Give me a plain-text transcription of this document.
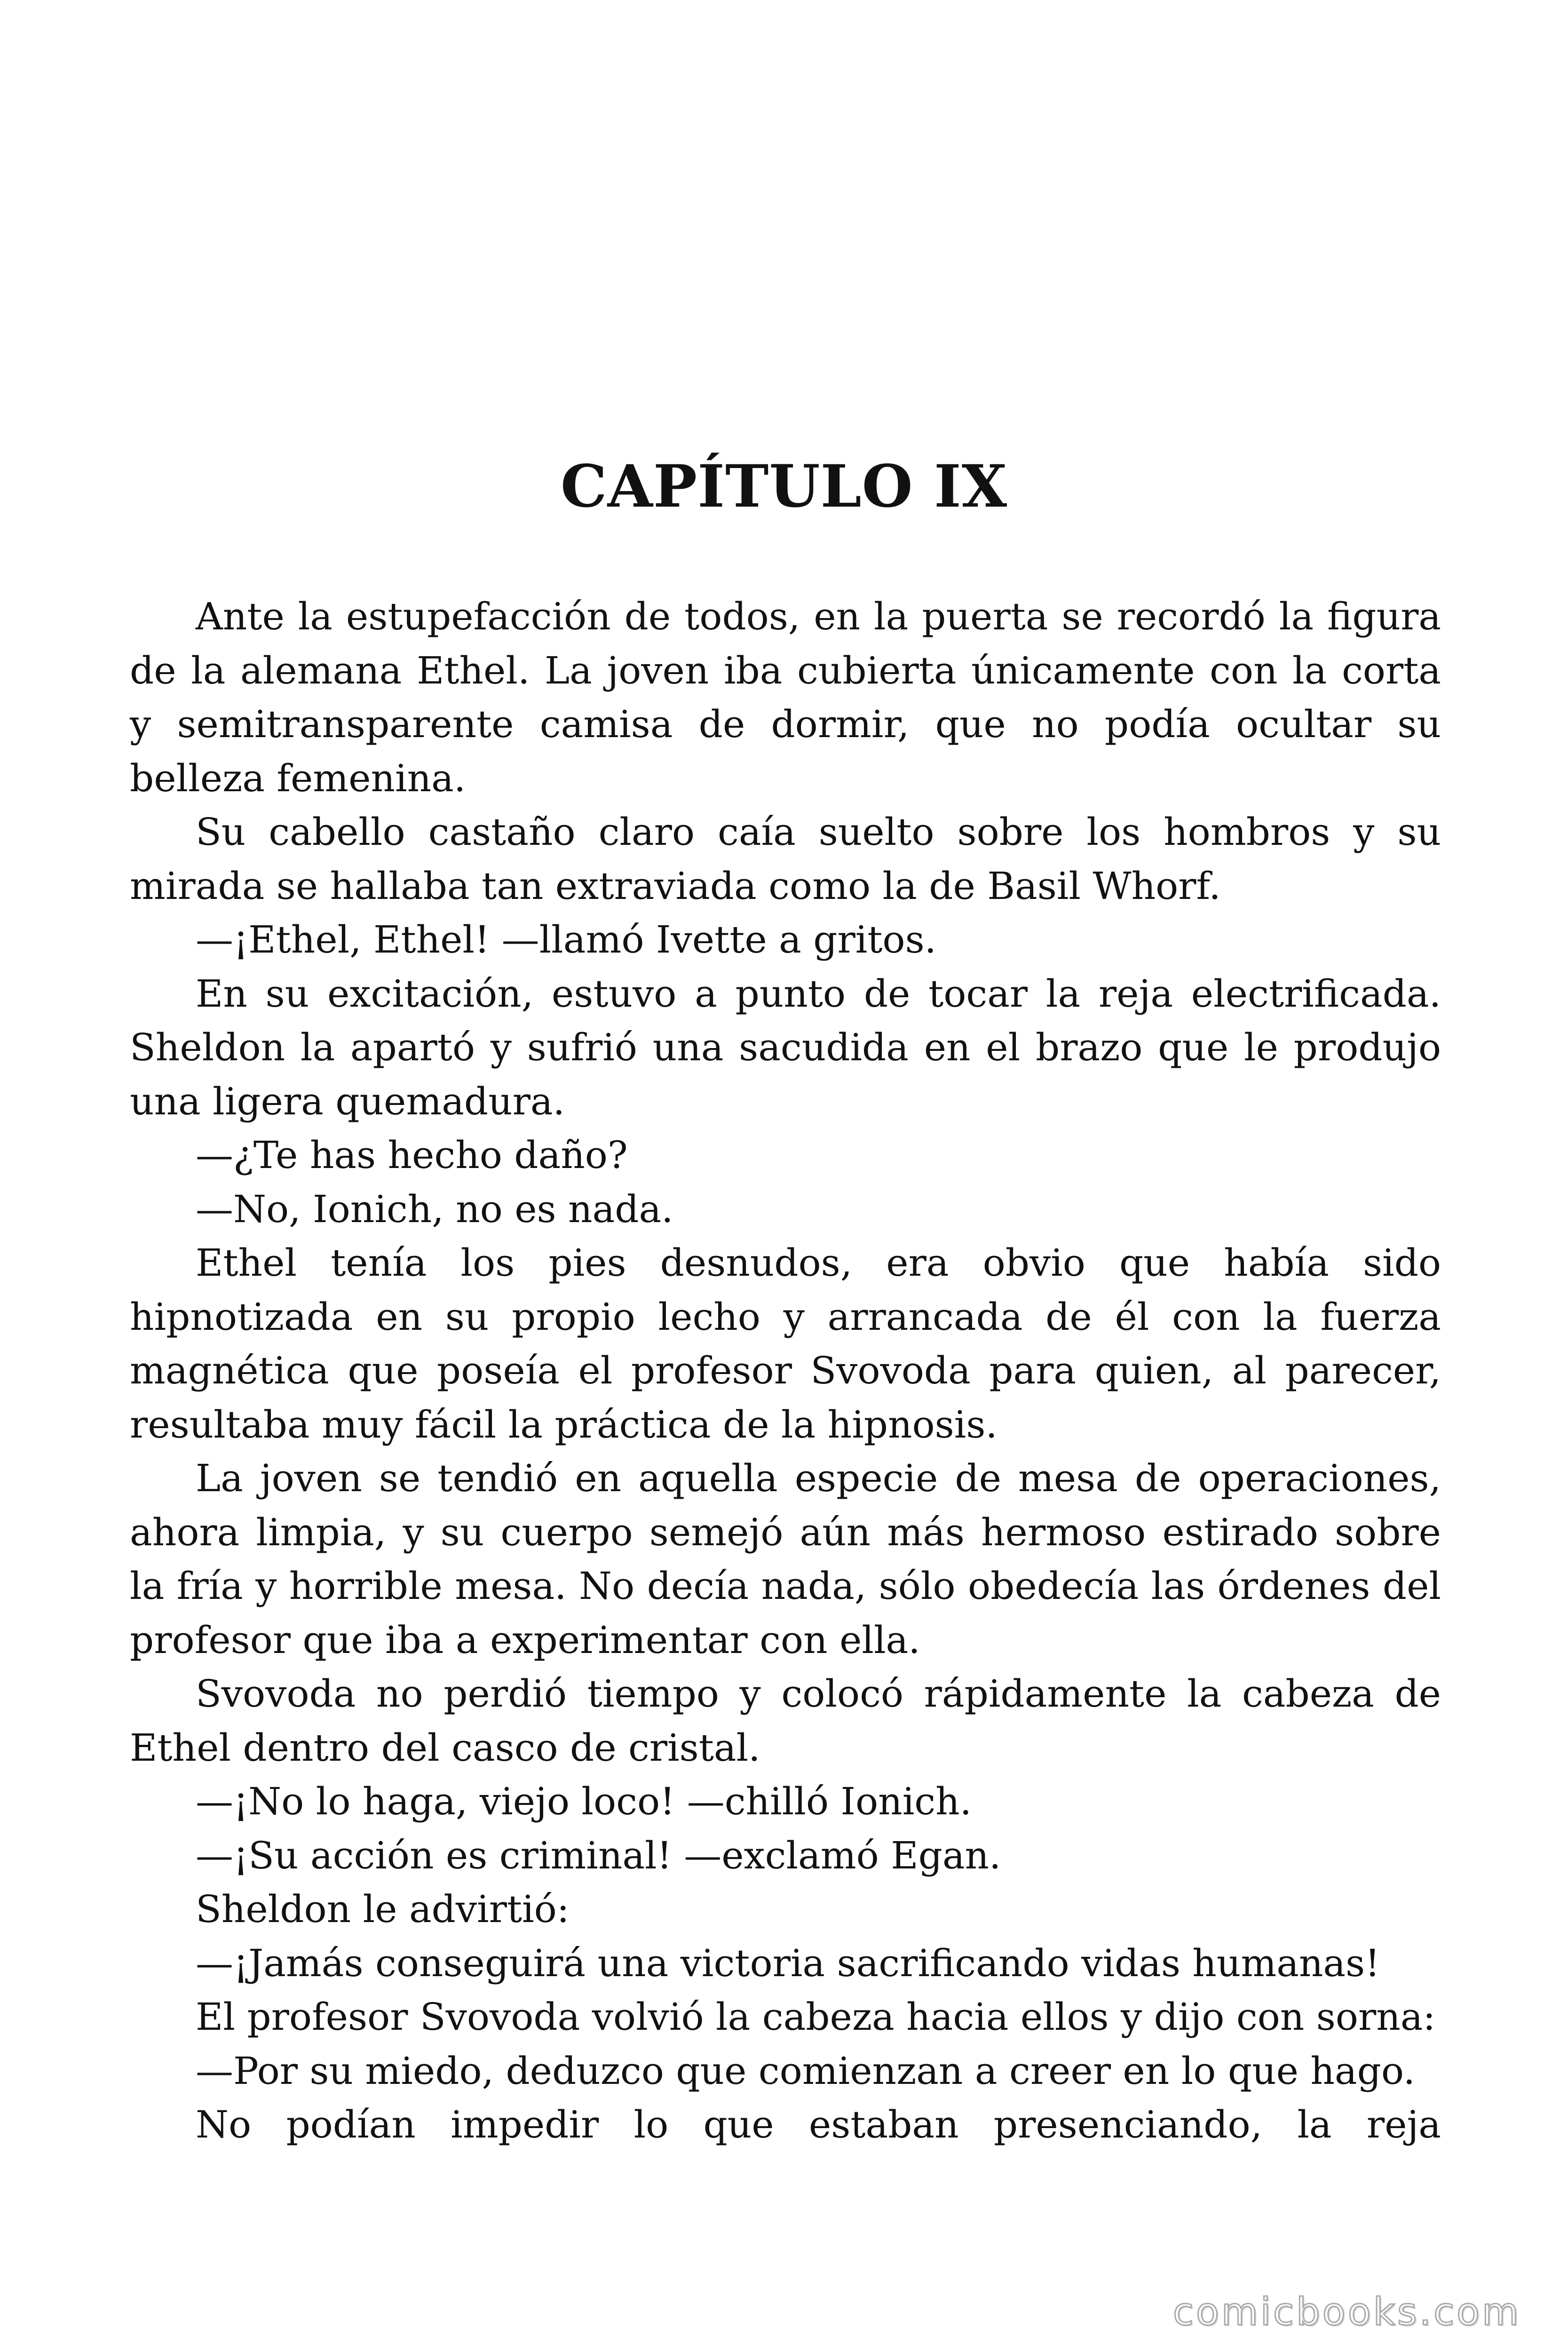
CAPÍTULO IX

Ante la estupefacción de todos, en la puerta se recordó la figura de la alemana Ethel. La joven iba cubierta únicamente con la corta y semitransparente camisa de dormir, que no podía ocultar su belleza femenina.

Su cabello castaño claro caía suelto sobre los hombros y su mirada se hallaba tan extraviada como la de Basil Whorf.

—¡Ethel, Ethel! —llamó Ivette a gritos.

En su excitación, estuvo a punto de tocar la reja electrificada. Sheldon la apartó y sufrió una sacudida en el brazo que le produjo una ligera quemadura.

—¿Te has hecho daño?

—No, Ionich, no es nada.

Ethel tenía los pies desnudos, era obvio que había sido hipnotizada en su propio lecho y arrancada de él con la fuerza magnética que poseía el profesor Svovoda para quien, al parecer, resultaba muy fácil la práctica de la hipnosis.

La joven se tendió en aquella especie de mesa de operaciones, ahora limpia, y su cuerpo semejó aún más hermoso estirado sobre la fría y horrible mesa. No decía nada, sólo obedecía las órdenes del profesor que iba a experimentar con ella.

Svovoda no perdió tiempo y colocó rápidamente la cabeza de Ethel dentro del casco de cristal.

—¡No lo haga, viejo loco! —chilló Ionich.

—¡Su acción es criminal! —exclamó Egan.

Sheldon le advirtió:

—¡Jamás conseguirá una victoria sacrificando vidas humanas!

El profesor Svovoda volvió la cabeza hacia ellos y dijo con sorna:

—Por su miedo, deduzco que comienzan a creer en lo que hago.

No podían impedir lo que estaban presenciando, la reja

comicbooks.com
